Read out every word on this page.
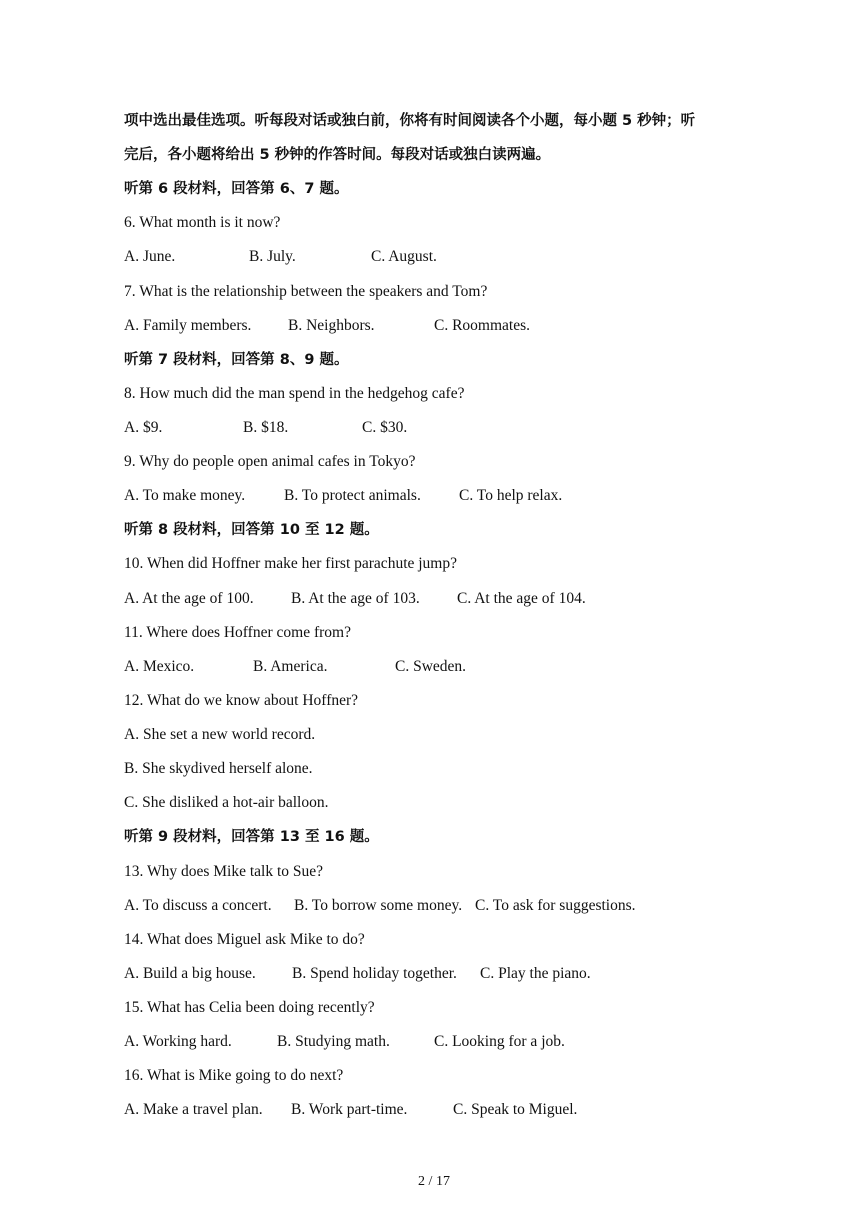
项中选出最佳选项。听每段对话或独白前，你将有时间阅读各个小题，每小题 5 秒钟；听
完后，各小题将给出 5 秒钟的作答时间。每段对话或独白读两遍。
听第 6 段材料，回答第 6、7 题。
6. What month is it now?
A. June.	B. July.	C. August.
7. What is the relationship between the speakers and Tom?
A. Family members. B. Neighbors.	C. Roommates.
听第 7 段材料，回答第 8、9 题。
8. How much did the man spend in the hedgehog cafe?
A. $9.	B. $18.	C. $30.
9. Why do people open animal cafes in Tokyo?
A. To make money.	B. To protect animals. C. To help relax.
听第 8 段材料，回答第 10 至 12 题。
10. When did Hoffner make her first parachute jump?
A. At the age of 100. B. At the age of 103. C. At the age of 104.
11. Where does Hoffner come from?
A. Mexico.	B. America.	C. Sweden.
12. What do we know about Hoffner?
A. She set a new world record.
B. She skydived herself alone.
C. She disliked a hot-air balloon.
听第 9 段材料，回答第 13 至 16 题。
13. Why does Mike talk to Sue?
A. To discuss a concert. B. To borrow some money. C. To ask for suggestions.
14. What does Miguel ask Mike to do?
A. Build a big house. B. Spend holiday together. C. Play the piano.
15. What has Celia been doing recently?
A. Working hard.	B. Studying math.	C. Looking for a job.
16. What is Mike going to do next?
A. Make a travel plan. B. Work part-time.	C. Speak to Miguel.
2 / 17
